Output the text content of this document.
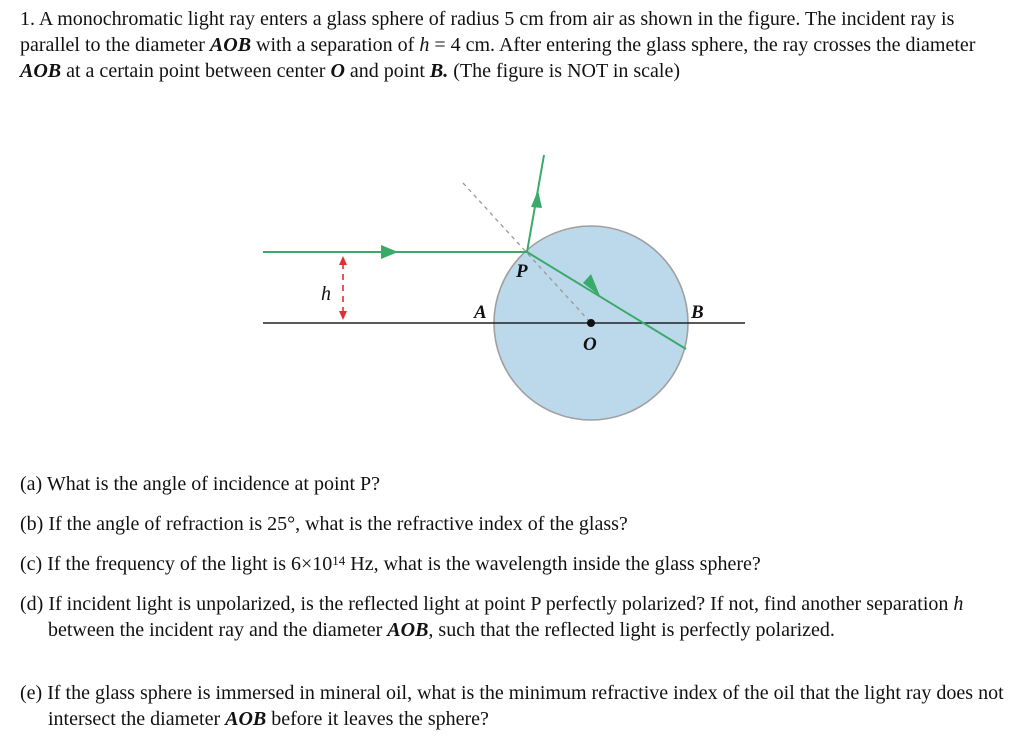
1. A monochromatic light ray enters a glass sphere of radius 5 cm from air as shown in the figure. The incident ray is parallel to the diameter AOB with a separation of h = 4 cm. After entering the glass sphere, the ray crosses the diameter AOB at a certain point between center O and point B. (The figure is NOT in scale)

h
A
P
B
O

(a) What is the angle of incidence at point P?

(b) If the angle of refraction is 25°, what is the refractive index of the glass?

(c) If the frequency of the light is $6\times 10^{14}$ Hz, what is the wavelength inside the glass sphere?

(d) If incident light is unpolarized, is the reflected light at point P perfectly polarized? If not, find another separation h between the incident ray and the diameter AOB, such that the reflected light is perfectly polarized.

(e) If the glass sphere is immersed in mineral oil, what is the minimum refractive index of the oil that the light ray does not intersect the diameter AOB before it leaves the sphere?
